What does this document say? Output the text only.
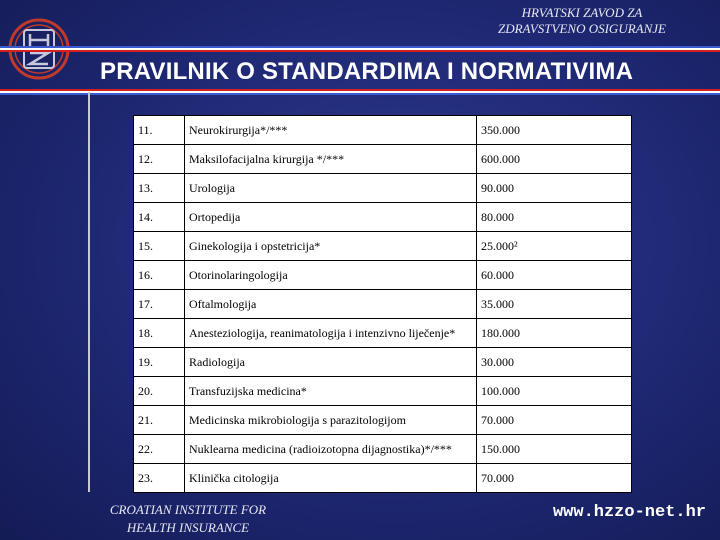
HRVATSKI ZAVOD ZA
ZDRAVSTVENO OSIGURANJE
PRAVILNIK O STANDARDIMA I NORMATIVIMA
11.	Neurokirurgija*/***	350.000
12.	Maksilofacijalna kirurgija */***	600.000
13.	Urologija	90.000
14.	Ortopedija	80.000
15.	Ginekologija i opstetricija*	25.000²
16.	Otorinolaringologija	60.000
17.	Oftalmologija	35.000
18.	Anesteziologija, reanimatologija i intenzivno liječenje*	180.000
19.	Radiologija	30.000
20.	Transfuzijska medicina*	100.000
21.	Medicinska mikrobiologija s parazitologijom	70.000
22.	Nuklearna medicina (radioizotopna dijagnostika)*/***	150.000
23.	Klinička citologija	70.000
CROATIAN INSTITUTE FOR
HEALTH INSURANCE
www.hzzo-net.hr
